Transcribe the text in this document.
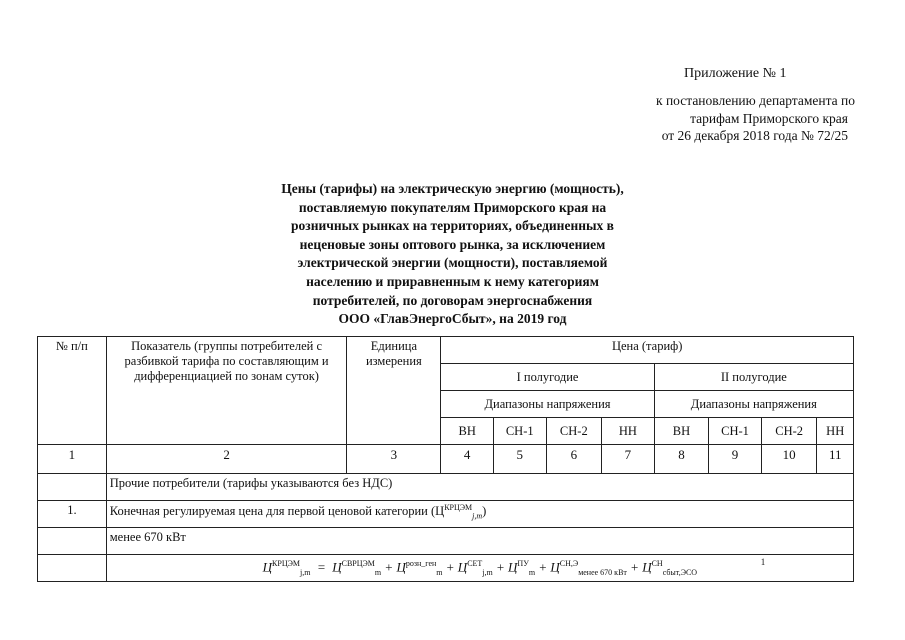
Приложение № 1
к постановлению департамента по
тарифам Приморского края
от 26 декабря 2018 года № 72/25
Цены (тарифы) на электрическую энергию (мощность),
поставляемую покупателям Приморского края на
розничных рынках на территориях, объединенных в
неценовые зоны оптового рынка, за исключением
электрической энергии (мощности), поставляемой
населению и приравненным к нему категориям
потребителей, по договорам энергоснабжения
ООО «ГлавЭнергоСбыт», на 2019 год
№ п/п	Показатель (группы потребителей с разбивкой тарифа по составляющим и дифференциацией по зонам суток)	Единица измерения	Цена (тариф)							
			I полугодие				II полугодие			
			Диапазоны напряжения				Диапазоны напряжения			
			ВН	СН-1	СН-2	НН	ВН	СН-1	СН-2	НН
1	2	3	4	5	6	7	8	9	10	11
	Прочие потребители (тарифы указываются без НДС)									
1.	Конечная регулируемая цена для первой ценовой категории $(Ц^{КРЦЭМ}_{j,m})$									
	менее 670 кВт									
	$Ц^{КРЦЭМ}_{j,m} = Ц^{СВРЦЭМ}_m + Ц^{розн\_ген}_m + Ц^{СЕТ}_{j,m} + Ц^{ПУ}_m + Ц^{СН,Э}_{менее 670 кВт} + Ц^{СН}_{сбыт,ЭСО}$
1									
